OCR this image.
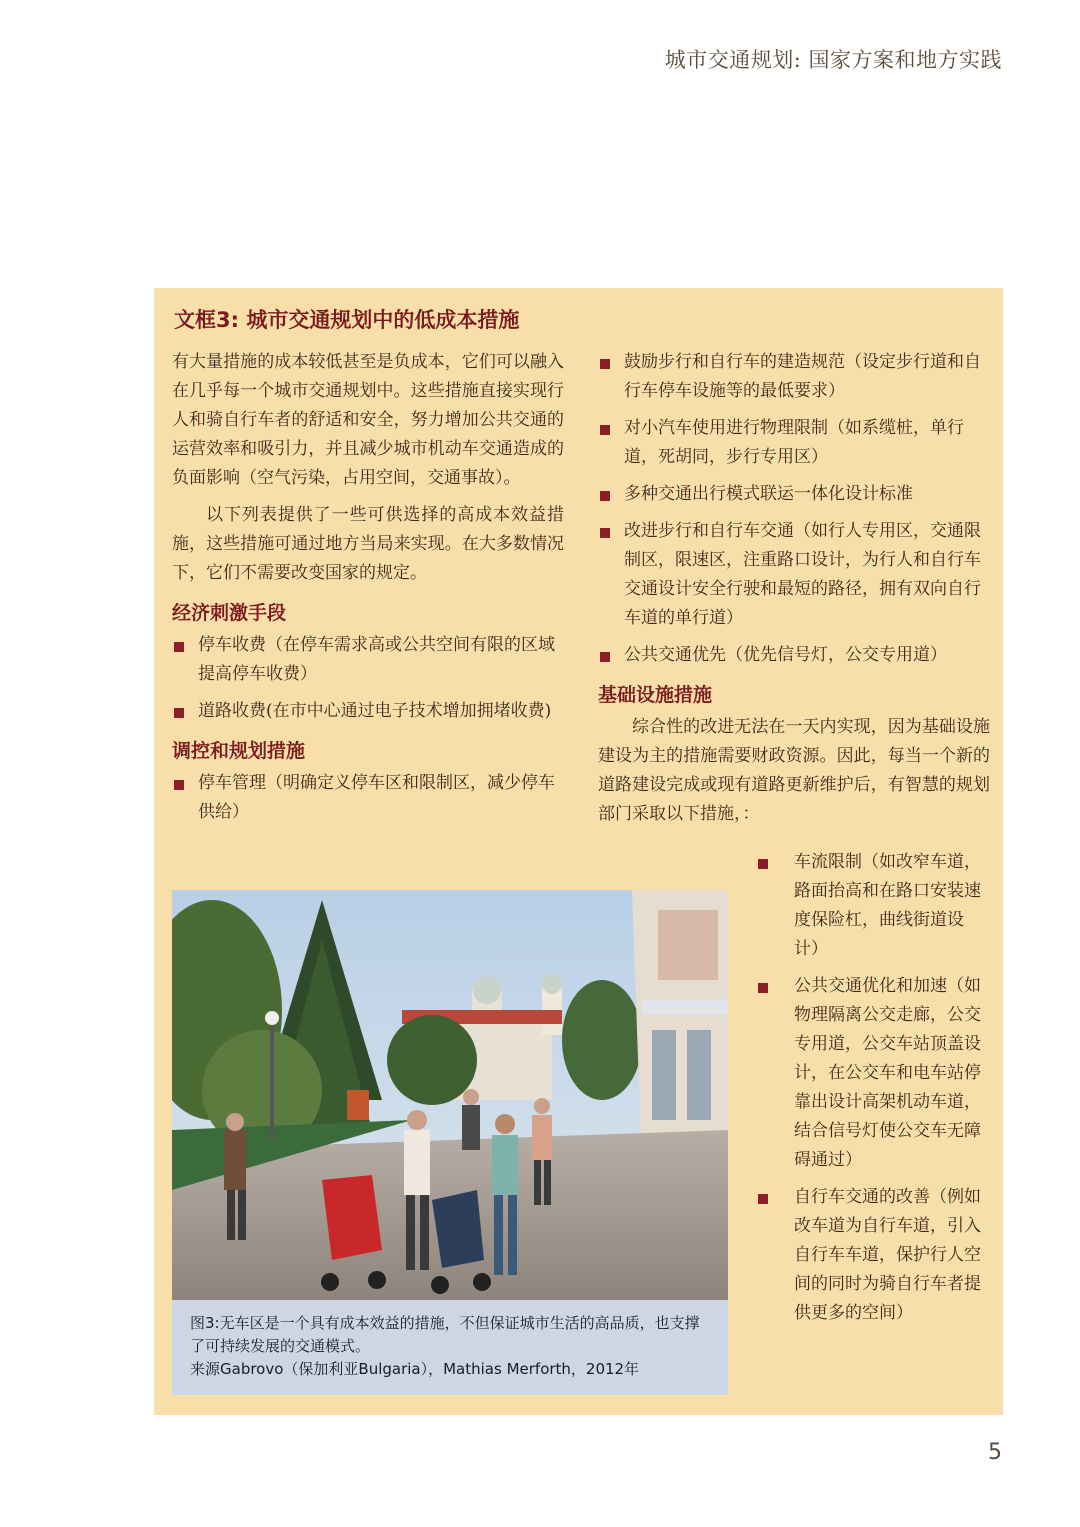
城市交通规划: 国家方案和地方实践
文框3: 城市交通规划中的低成本措施

有大量措施的成本较低甚至是负成本，它们可以融入在几乎每一个城市交通规划中。这些措施直接实现行人和骑自行车者的舒适和安全，努力增加公共交通的运营效率和吸引力，并且减少城市机动车交通造成的负面影响（空气污染，占用空间，交通事故）。

以下列表提供了一些可供选择的高成本效益措施，这些措施可通过地方当局来实现。在大多数情况下，它们不需要改变国家的规定。

经济刺激手段
停车收费（在停车需求高或公共空间有限的区域提高停车收费）
道路收费(在市中心通过电子技术增加拥堵收费)
调控和规划措施
停车管理（明确定义停车区和限制区，减少停车供给）
鼓励步行和自行车的建造规范（设定步行道和自行车停车设施等的最低要求）
对小汽车使用进行物理限制（如系缆桩，单行道，死胡同，步行专用区）
多种交通出行模式联运一体化设计标准
改进步行和自行车交通（如行人专用区，交通限制区，限速区，注重路口设计，为行人和自行车交通设计安全行驶和最短的路径，拥有双向自行车道的单行道）
公共交通优先（优先信号灯，公交专用道）
基础设施措施

综合性的改进无法在一天内实现，因为基础设施建设为主的措施需要财政资源。因此，每当一个新的道路建设完成或现有道路更新维护后，有智慧的规划部门采取以下措施，：

车流限制（如改窄车道，路面抬高和在路口安装速度保险杠，曲线街道设计）
公共交通优化和加速（如物理隔离公交走廊，公交专用道，公交车站顶盖设计，在公交车和电车站停靠出设计高架机动车道，结合信号灯使公交车无障碍通过）
自行车交通的改善（例如改车道为自行车道，引入自行车车道，保护行人空间的同时为骑自行车者提供更多的空间）
图3:无车区是一个具有成本效益的措施，不但保证城市生活的高品质，也支撑了可持续发展的交通模式。
来源Gabrovo（保加利亚Bulgaria），Mathias Merforth，2012年
5
